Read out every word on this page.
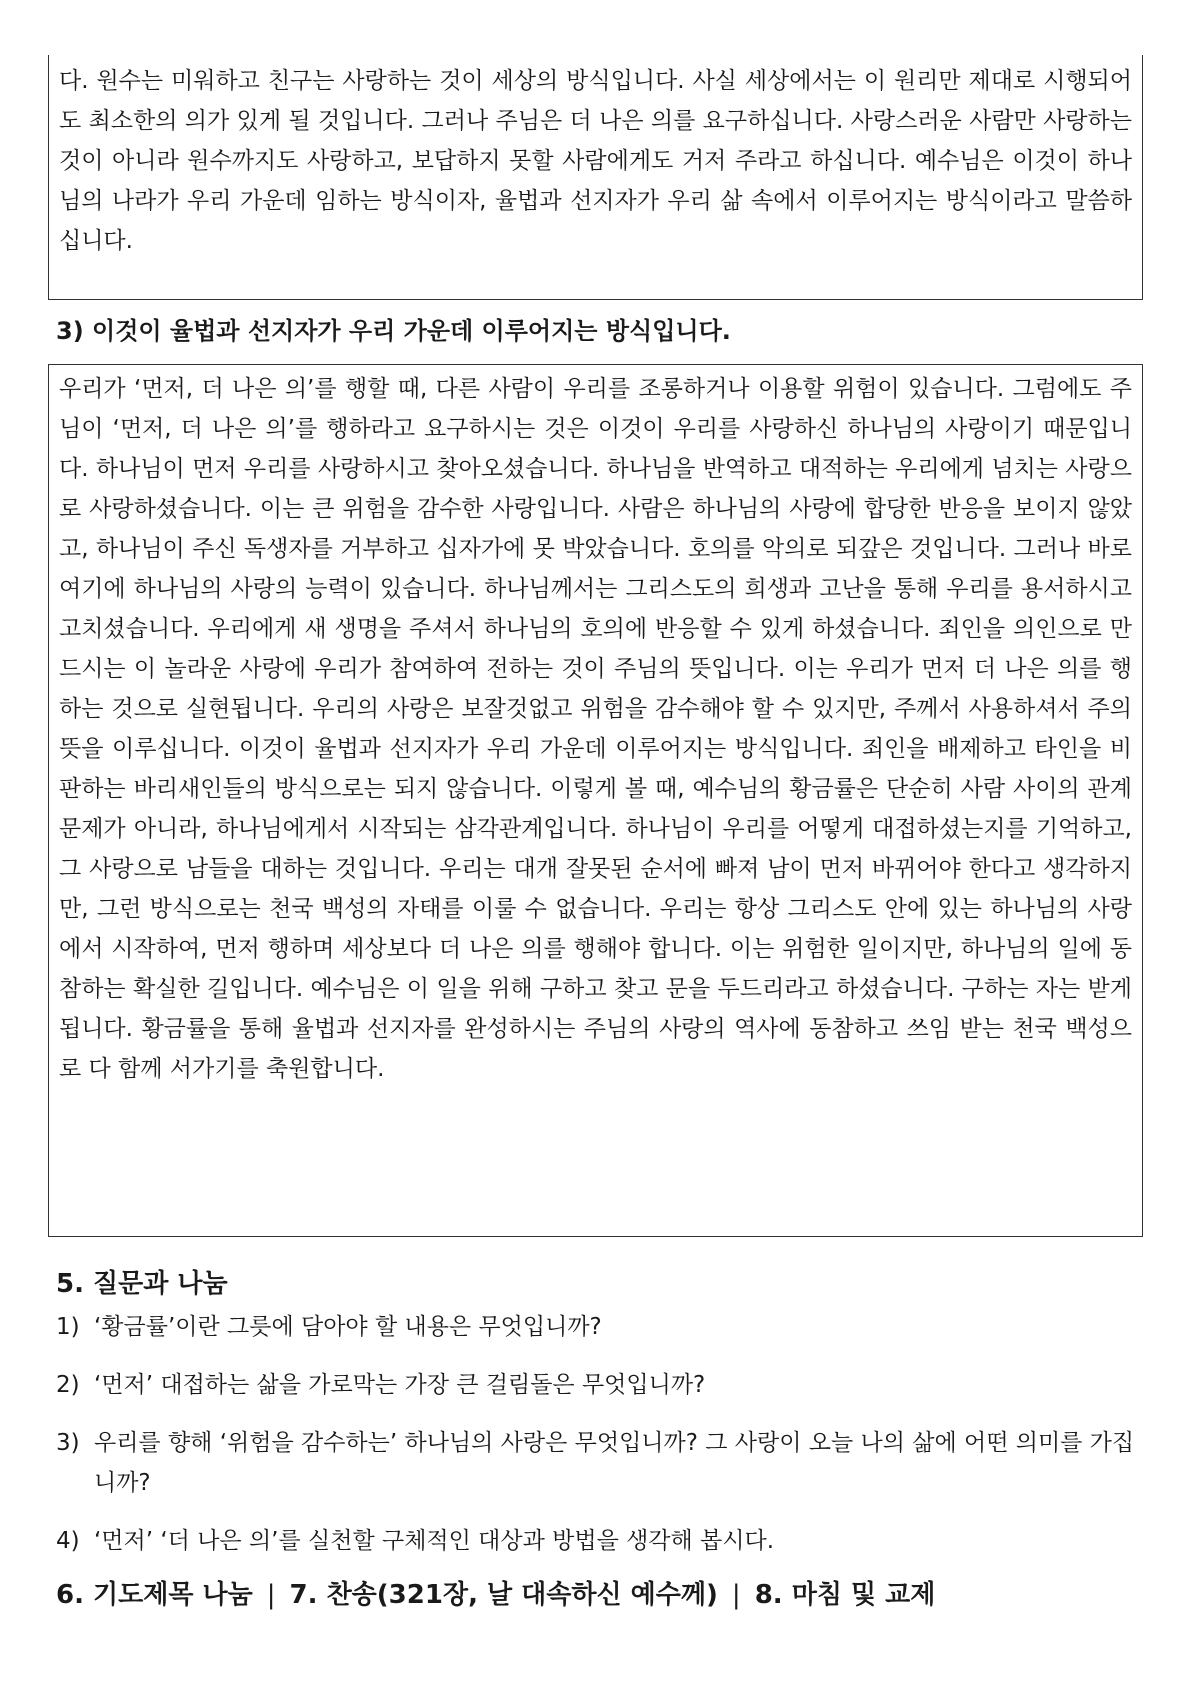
다. 원수는 미워하고 친구는 사랑하는 것이 세상의 방식입니다. 사실 세상에서는 이 원리만 제대로 시행되어도 최소한의 의가 있게 될 것입니다. 그러나 주님은 더 나은 의를 요구하십니다. 사랑스러운 사람만 사랑하는 것이 아니라 원수까지도 사랑하고, 보답하지 못할 사람에게도 거저 주라고 하십니다. 예수님은 이것이 하나님의 나라가 우리 가운데 임하는 방식이자, 율법과 선지자가 우리 삶 속에서 이루어지는 방식이라고 말씀하십니다.

3) 이것이 율법과 선지자가 우리 가운데 이루어지는 방식입니다.

우리가 ‘먼저, 더 나은 의’를 행할 때, 다른 사람이 우리를 조롱하거나 이용할 위험이 있습니다. 그럼에도 주님이 ‘먼저, 더 나은 의’를 행하라고 요구하시는 것은 이것이 우리를 사랑하신 하나님의 사랑이기 때문입니다. 하나님이 먼저 우리를 사랑하시고 찾아오셨습니다. 하나님을 반역하고 대적하는 우리에게 넘치는 사랑으로 사랑하셨습니다. 이는 큰 위험을 감수한 사랑입니다. 사람은 하나님의 사랑에 합당한 반응을 보이지 않았고, 하나님이 주신 독생자를 거부하고 십자가에 못 박았습니다. 호의를 악의로 되갚은 것입니다. 그러나 바로 여기에 하나님의 사랑의 능력이 있습니다. 하나님께서는 그리스도의 희생과 고난을 통해 우리를 용서하시고 고치셨습니다. 우리에게 새 생명을 주셔서 하나님의 호의에 반응할 수 있게 하셨습니다. 죄인을 의인으로 만드시는 이 놀라운 사랑에 우리가 참여하여 전하는 것이 주님의 뜻입니다. 이는 우리가 먼저 더 나은 의를 행하는 것으로 실현됩니다. 우리의 사랑은 보잘것없고 위험을 감수해야 할 수 있지만, 주께서 사용하셔서 주의 뜻을 이루십니다. 이것이 율법과 선지자가 우리 가운데 이루어지는 방식입니다. 죄인을 배제하고 타인을 비판하는 바리새인들의 방식으로는 되지 않습니다. 이렇게 볼 때, 예수님의 황금률은 단순히 사람 사이의 관계 문제가 아니라, 하나님에게서 시작되는 삼각관계입니다. 하나님이 우리를 어떻게 대접하셨는지를 기억하고, 그 사랑으로 남들을 대하는 것입니다. 우리는 대개 잘못된 순서에 빠져 남이 먼저 바뀌어야 한다고 생각하지만, 그런 방식으로는 천국 백성의 자태를 이룰 수 없습니다. 우리는 항상 그리스도 안에 있는 하나님의 사랑에서 시작하여, 먼저 행하며 세상보다 더 나은 의를 행해야 합니다. 이는 위험한 일이지만, 하나님의 일에 동참하는 확실한 길입니다. 예수님은 이 일을 위해 구하고 찾고 문을 두드리라고 하셨습니다. 구하는 자는 받게 됩니다. 황금률을 통해 율법과 선지자를 완성하시는 주님의 사랑의 역사에 동참하고 쓰임 받는 천국 백성으로 다 함께 서가기를 축원합니다.

5. 질문과 나눔
1) ‘황금률’이란 그릇에 담아야 할 내용은 무엇입니까?
2) ‘먼저’ 대접하는 삶을 가로막는 가장 큰 걸림돌은 무엇입니까?
3) 우리를 향해 ‘위험을 감수하는’ 하나님의 사랑은 무엇입니까? 그 사랑이 오늘 나의 삶에 어떤 의미를 가집니까?
4) ‘먼저’ ‘더 나은 의’를 실천할 구체적인 대상과 방법을 생각해 봅시다.
6. 기도제목 나눔 | 7. 찬송(321장, 날 대속하신 예수께) | 8. 마침 및 교제
